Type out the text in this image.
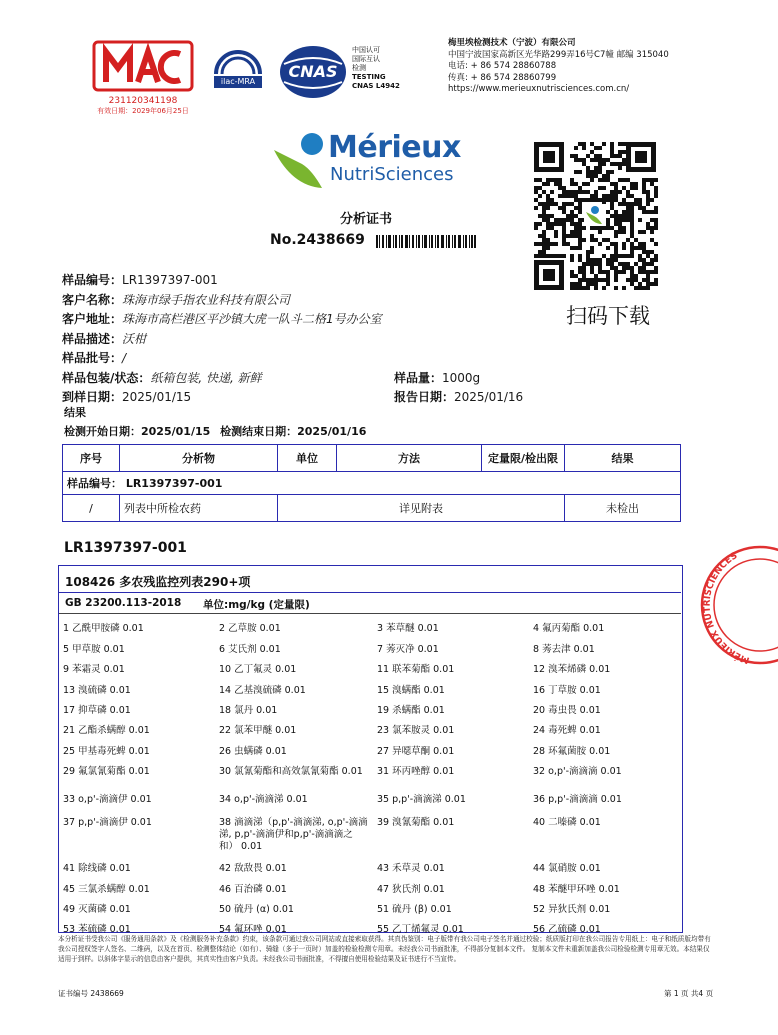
231120341198
有效日期：2029年06月25日
ilac-MRA
CNAS
中国认可
国际互认
检测
TESTING
CNAS L4942
梅里埃检测技术（宁波）有限公司
中国宁波国家高新区光华路299弄16号C7幢 邮编 315040
电话: + 86 574 28860788
传真: + 86 574 28860799
https://www.merieuxnutrisciences.com.cn/
Mérieux
NutriSciences
扫码下载
分析证书
No.2438669
样品编号：LR1397397-001
客户名称：珠海市绿手指农业科技有限公司
客户地址：珠海市高栏港区平沙镇大虎一队斗二格1号办公室
样品描述：沃柑
样品批号：/
样品包装/状态：纸箱包装, 快递, 新鲜	样品量：1000g
到样日期：2025/01/15	报告日期：2025/01/16
结果
检测开始日期：2025/01/15 检测结束日期：2025/01/16
序号	分析物	单位	方法	定量限/检出限	结果
样品编号： LR1397397-001					
/	列表中所检农药	详见附表			未检出
LR1397397-001
108426 多农残监控列表290+项
GB 23200.113-2018 单位:mg/kg (定量限)
1 乙酰甲胺磷 0.01	2 乙草胺 0.01	3 苯草醚 0.01	4 氟丙菊酯 0.01
5 甲草胺 0.01	6 艾氏剂 0.01	7 莠灭净 0.01	8 莠去津 0.01
9 苯霜灵 0.01	10 乙丁氟灵 0.01	11 联苯菊酯 0.01	12 溴苯烯磷 0.01
13 溴硫磷 0.01	14 乙基溴硫磷 0.01	15 溴螨酯 0.01	16 丁草胺 0.01
17 抑草磷 0.01	18 氯丹 0.01	19 杀螨酯 0.01	20 毒虫畏 0.01
21 乙酯杀螨醇 0.01	22 氯苯甲醚 0.01	23 氯苯胺灵 0.01	24 毒死蜱 0.01
25 甲基毒死蜱 0.01	26 虫螨磷 0.01	27 异噁草酮 0.01	28 环氟菌胺 0.01
29 氟氯氰菊酯 0.01	30 氯氰菊酯和高效氯氰菊酯 0.01	31 环丙唑醇 0.01	32 o,p'-滴滴滴 0.01
33 o,p'-滴滴伊 0.01	34 o,p'-滴滴涕 0.01	35 p,p'-滴滴涕 0.01	36 p,p'-滴滴滴 0.01
37 p,p'-滴滴伊 0.01	38 滴滴涕（p,p'-滴滴涕, o,p'-滴滴涕, p,p'-滴滴伊和p,p'-滴滴滴之和） 0.01
39 溴氰菊酯 0.01	40 二嗪磷 0.01
41 除线磷 0.01	42 敌敌畏 0.01	43 禾草灵 0.01	44 氯硝胺 0.01
45 三氯杀螨醇 0.01	46 百治磷 0.01	47 狄氏剂 0.01	48 苯醚甲环唑 0.01
49 灭菌磷 0.01	50 硫丹 (α) 0.01	51 硫丹 (β) 0.01	52 异狄氏剂 0.01
53 苯硫磷 0.01	54 氟环唑 0.01	55 乙丁烯氟灵 0.01	56 乙硫磷 0.01
MÉRIEUX NUTRISCIENCES
本分析证书受我公司《服务通用条款》及《检测服务补充条款》约束，该条款可通过我公司网站或直接索取获得。其真伪鉴别：电子版带有我公司电子签名并通过校验；纸质版打印在我公司报告专用纸上：电子和纸质版均带有我公司授权签字人签名、二维码，以及在首页、检测整体结论（如有）、骑缝（多于一页时）加盖的检验检测专用章。未经我公司书面批准，不得部分复制本文件。 复制本文件未重新加盖我公司检验检测专用章无效。本结果仅适用于到样。以斜体字显示的信息由客户提供，其真实性由客户负责。未经我公司书面批准，不得擅自使用检验结果及证书进行不当宣传。
证书编号 2438669	第 1 页 共4 页
